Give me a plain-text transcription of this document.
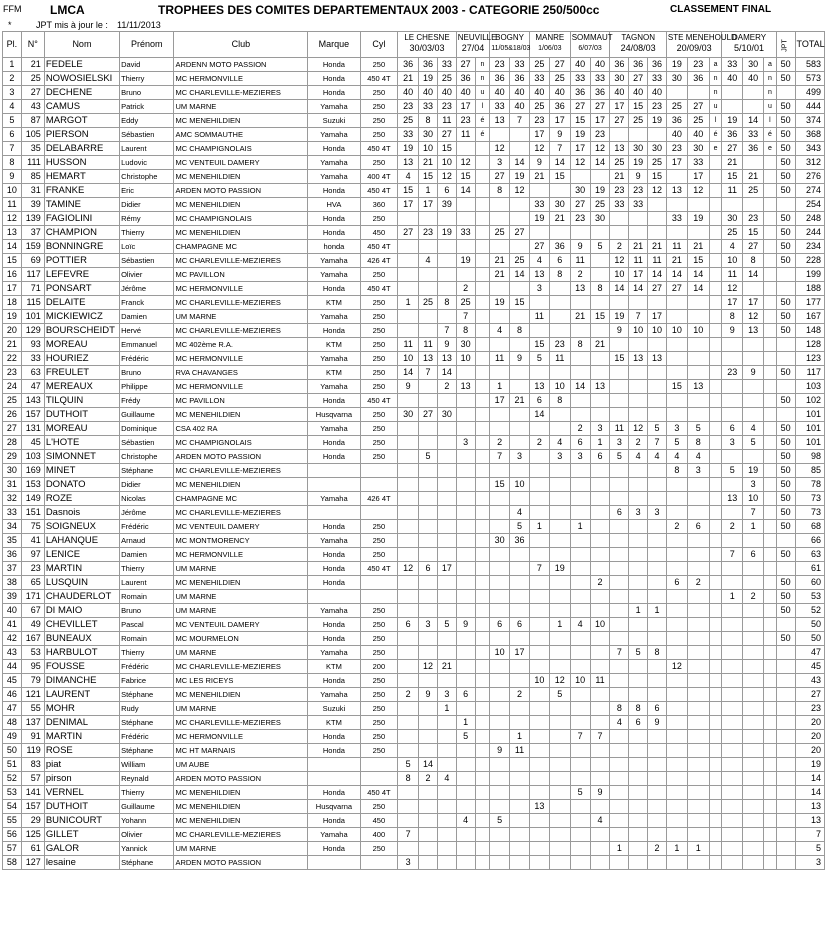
FFM LMCA	TROPHEES DES COMITES DEPARTEMENTAUX 2003 - CATEGORIE 250/500cc	CLASSEMENT FINAL
*	JPT mis à jour le : 11/11/2013
Pl.	N°	Nom	Prénom	Club	Marque	Cyl	LE CHESNE
30/03/03			NEUVILLE
27/04		BOGNY
11/05&18/03		MANRE
1/06/03		SOMMAUT
6/07/03		TAGNON
24/08/03			STE MENEHOULD
20/09/03			DAMERY
5/10/01			JPT	TOTAL
1	21	FEDELE	David	ARDENN MOTO PASSION	Honda	250	36	36	33	27	n	23	33	25	27	40	40	36	36	36	19	23	a	33	30	a	50	583
2	25	NOWOSIELSKI	Thierry	MC HERMONVILLE	Honda	450 4T	21	19	25	36	n	36	36	33	25	33	33	30	27	33	30	36	n	40	40	n	50	573
3	27	DECHENE	Bruno	MC CHARLEVILLE-MEZIERES	Honda	250	40	40	40	40	u	40	40	40	40	36	36	40	40	40			n			n		499
4	43	CAMUS	Patrick	UM MARNE	Yamaha	250	23	33	23	17	l	33	40	25	36	27	27	17	15	23	25	27	u			u	50	444
5	87	MARGOT	Eddy	MC MENEHILDIEN	Suzuki	250	25	8	11	23	é	13	7	23	17	15	17	27	25	19	36	25	l	19	14	l	50	374
6	105	PIERSON	Sébastien	AMC SOMMAUTHE	Yamaha	250	33	30	27	11	é			17	9	19	23				40	40	é	36	33	é	50	368
7	35	DELABARRE	Laurent	MC CHAMPIGNOLAIS	Honda	450 4T	19	10	15			12		12	7	17	12	13	30	30	23	30	e	27	36	e	50	343
8	111	HUSSON	Ludovic	MC VENTEUIL DAMERY	Yamaha	250	13	21	10	12		3	14	9	14	12	14	25	19	25	17	33		21			50	312
9	85	HEMART	Christophe	MC MENEHILDIEN	Yamaha	400 4T	4	15	12	15		27	19	21	15			21	9	15		17		15	21		50	276
10	31	FRANKE	Eric	ARDEN MOTO PASSION	Honda	450 4T	15	1	6	14		8	12			30	19	23	23	12	13	12		11	25		50	274
11	39	TAMINE	Didier	MC MENEHILDIEN	HVA	360	17	17	39					33	30	27	25	33	33									254
12	139	FAGIOLINI	Rémy	MC CHAMPIGNOLAIS	Honda	250								19	21	23	30				33	19		30	23		50	248
13	37	CHAMPION	Thierry	MC MENEHILDIEN	Honda	450	27	23	19	33		25	27											25	15		50	244
14	159	BONNINGRE	Loïc	CHAMPAGNE MC	honda	450 4T								27	36	9	5	2	21	21	11	21		4	27		50	234
15	69	POTTIER	Sébastien	MC CHARLEVILLE-MEZIERES	Yamaha	426 4T		4		19		21	25	4	6	11		12	11	11	21	15		10	8		50	228
16	117	LEFEVRE	Olivier	MC PAVILLON	Yamaha	250						21	14	13	8	2		10	17	14	14	14		11	14			199
17	71	PONSART	Jérôme	MC HERMONVILLE	Honda	450 4T				2				3		13	8	14	14	27	27	14		12				188
18	115	DELAITE	Franck	MC CHARLEVILLE-MEZIERES	KTM	250	1	25	8	25		19	15											17	17		50	177
19	101	MICKIEWICZ	Damien	UM MARNE	Yamaha	250				7				11		21	15	19	7	17				8	12		50	167
20	129	BOURSCHEIDT	Hervé	MC CHARLEVILLE-MEZIERES	Honda	250			7	8		4	8					9	10	10	10	10		9	13		50	148
21	93	MOREAU	Emmanuel	MC 402ème R.A.	KTM	250	11	11	9	30				15	23	8	21											128
22	33	HOURIEZ	Frédéric	MC HERMONVILLE	Yamaha	250	10	13	13	10		11	9	5	11			15	13	13								123
23	63	FREULET	Bruno	RVA CHAVANGES	KTM	250	14	7	14															23	9		50	117
24	47	MEREAUX	Philippe	MC HERMONVILLE	Yamaha	250	9		2	13		1		13	10	14	13				15	13						103
25	143	TILQUIN	Frédy	MC PAVILLON	Honda	450 4T						17	21	6	8												50	102
26	157	DUTHOIT	Guillaume	MC MENEHILDIEN	Husqvarna	250	30	27	30					14														101
27	131	MOREAU	Dominique	CSA 402 RA	Yamaha	250										2	3	11	12	5	3	5		6	4		50	101
28	45	L'HOTE	Sébastien	MC CHAMPIGNOLAIS	Honda	250				3		2		2	4	6	1	3	2	7	5	8		3	5		50	101
29	103	SIMONNET	Christophe	ARDEN MOTO PASSION	Honda	250		5				7	3		3	3	6	5	4	4	4	4					50	98
30	169	MINET	Stéphane	MC CHARLEVILLE-MEZIERES																	8	3		5	19		50	85
31	153	DONATO	Didier	MC MENEHILDIEN								15	10												3		50	78
32	149	ROZE	Nicolas	CHAMPAGNE MC	Yamaha	426 4T																		13	10		50	73
33	151	Dasnois	Jérôme	MC CHARLEVILLE-MEZIERES									4					6	3	3					7		50	73
34	75	SOIGNEUX	Frédéric	MC VENTEUIL DAMERY	Honda	250							5	1		1					2	6		2	1		50	68
35	41	LAHANQUE	Arnaud	MC MONTMORENCY	Yamaha	250						30	36															66
36	97	LENICE	Damien	MC HERMONVILLE	Honda	250																		7	6		50	63
37	23	MARTIN	Thierry	UM MARNE	Honda	450 4T	12	6	17					7	19													61
38	65	LUSQUIN	Laurent	MC MENEHILDIEN	Honda												2				6	2					50	60
39	171	CHAUDERLOT	Romain	UM MARNE																				1	2		50	53
40	67	DI MAIO	Bruno	UM MARNE	Yamaha	250													1	1							50	52
41	49	CHEVILLET	Pascal	MC VENTEUIL DAMERY	Honda	250	6	3	5	9		6	6		1	4	10											50
42	167	BUNEAUX	Romain	MC MOURMELON	Honda	250																					50	50
43	53	HARBULOT	Thierry	UM MARNE	Yamaha	250						10	17					7	5	8								47
44	95	FOUSSE	Frédéric	MC CHARLEVILLE-MEZIERES	KTM	200		12	21												12							45
45	79	DIMANCHE	Fabrice	MC LES RICEYS	Honda	250								10	12	10	11											43
46	121	LAURENT	Stéphane	MC MENEHILDIEN	Yamaha	250	2	9	3	6			2		5													27
47	55	MOHR	Rudy	UM MARNE	Suzuki	250			1									8	8	6								23
48	137	DENIMAL	Stéphane	MC CHARLEVILLE-MEZIERES	KTM	250				1								4	6	9								20
49	91	MARTIN	Frédéric	MC HERMONVILLE	Honda	250				5			1			7	7											20
50	119	ROSE	Stéphane	MC HT MARNAIS	Honda	250						9	11															20
51	83	piat	William	UM AUBE			5	14																				19
52	57	pirson	Reynald	ARDEN MOTO PASSION			8	2	4																			14
53	141	VERNEL	Thierry	MC MENEHILDIEN	Honda	450 4T										5	9											14
54	157	DUTHOIT	Guillaume	MC MENEHILDIEN	Husqvarna	250								13														13
55	29	BUNICOURT	Yohann	MC MENEHILDIEN	Honda	450				4		5					4											13
56	125	GILLET	Olivier	MC CHARLEVILLE-MEZIERES	Yamaha	400	7																					7
57	61	GALOR	Yannick	UM MARNE	Honda	250												1		2	1	1						5
58	127	lesaine	Stéphane	ARDEN MOTO PASSION			3																					3
